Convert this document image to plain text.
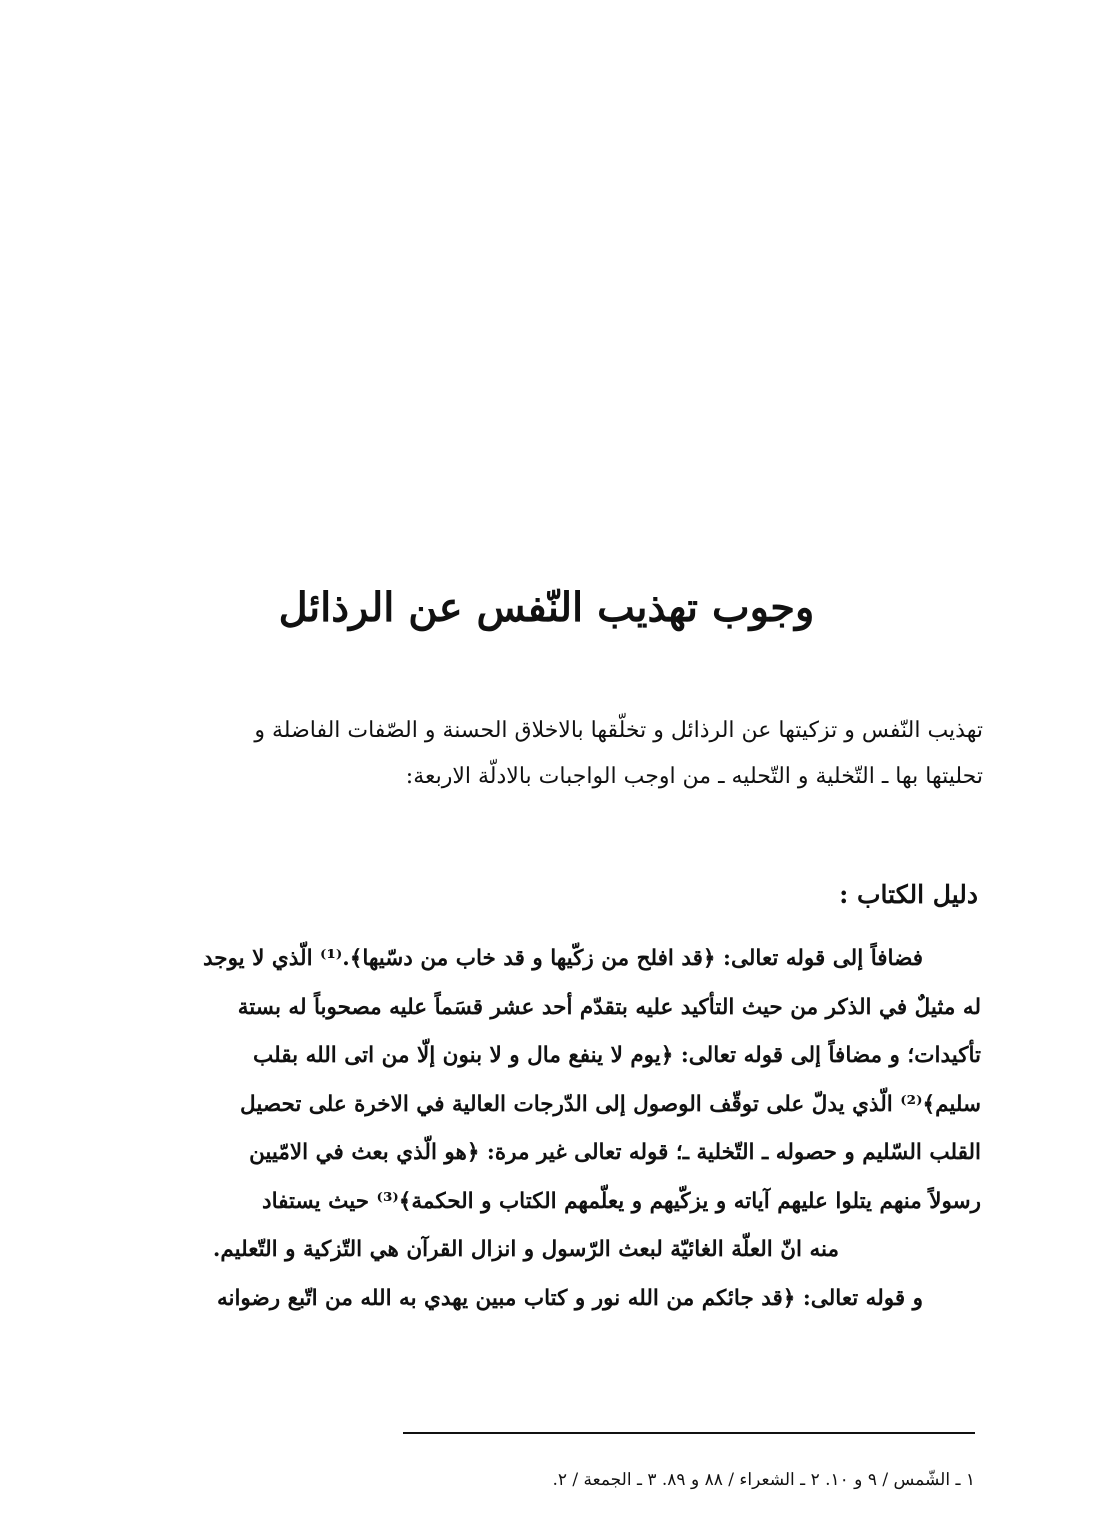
وجوب تهذيب النّفس عن الرذائل

تهذيب النّفس و تزكيتها عن الرذائل و تخلّقها بالاخلاق الحسنة و الصّفات الفاضلة و

تحليتها بها ـ التّخلية و التّحليه ـ من اوجب الواجبات بالادلّة الاربعة:

دليل الكتاب :
فضافاً إلى قوله تعالى: ﴿قد افلح من زكّيها و قد خاب من دسّيها﴾.⁽¹⁾ الّذي لا يوجد
له مثيلٌ في الذكر من حيث التأكيد عليه بتقدّم أحد عشر قسَماً عليه مصحوباً له بستة
تأكيدات؛ و مضافاً إلى قوله تعالى: ﴿يوم لا ينفع مال و لا بنون إلّا من اتى الله بقلب
سليم﴾⁽²⁾ الّذي يدلّ على توقّف الوصول إلى الدّرجات العالية في الاخرة على تحصيل
القلب السّليم و حصوله ـ التّخلية ـ؛ قوله تعالى غير مرة: ﴿هو الّذي بعث في الامّيين
رسولاً منهم يتلوا عليهم آياته و يزكّيهم و يعلّمهم الكتاب و الحكمة﴾⁽³⁾ حيث يستفاد
منه انّ العلّة الغائيّة لبعث الرّسول و انزال القرآن هي التّزكية و التّعليم.
و قوله تعالى: ﴿قد جائكم من الله نور و كتاب مبين يهدي به الله من اتّبع رضوانه
١ ـ الشّمس / ٩ و ١٠. ٢ ـ الشعراء / ٨٨ و ٨٩. ٣ ـ الجمعة / ٢.
